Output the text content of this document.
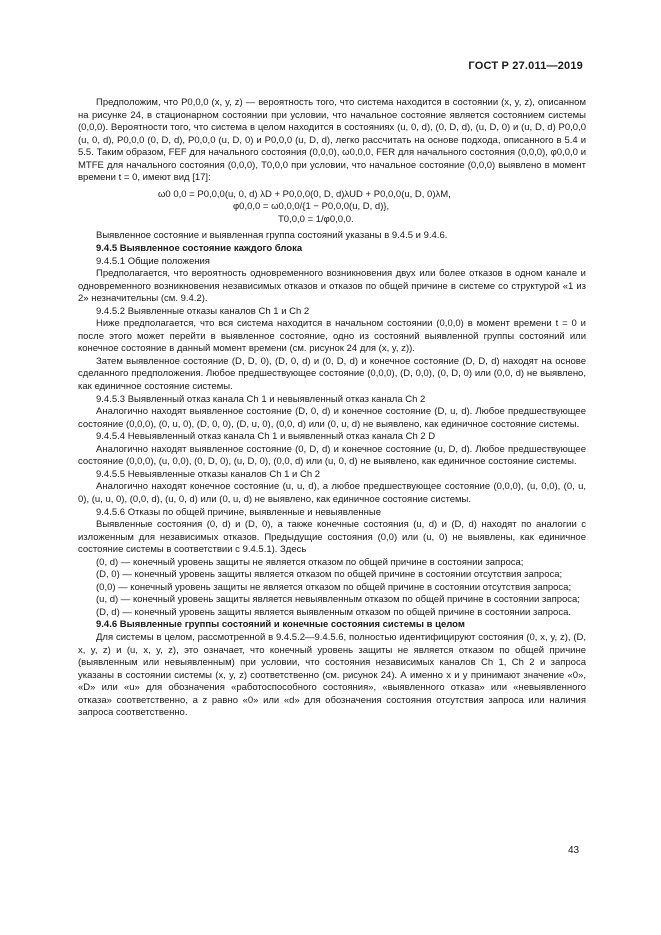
ГОСТ Р 27.011—2019

Предположим, что P0,0,0 (x, y, z) — вероятность того, что система находится в состоянии (x, y, z), описанном на рисунке 24, в стационарном состоянии при условии, что начальное состояние является состоянием системы (0,0,0). Вероятности того, что система в целом находится в состояниях (u, 0, d), (0, D, d), (u, D, 0) и (u, D, d) P0,0,0 (u, 0, d), P0,0,0 (0, D, d), P0,0,0 (u, D, 0) и P0,0,0 (u, D, d), легко рассчитать на основе подхода, описанного в 5.4 и 5.5. Таким образом, FEF для начального состояния (0,0,0), ω0,0,0, FER для начального состояния (0,0,0), φ0,0,0 и MTFE для начального состояния (0,0,0), T0,0,0 при условии, что начальное состояние (0,0,0) выявлено в момент времени t = 0, имеют вид [17]:

ω0 0,0 = P0,0,0(u, 0, d) λD + P0,0,0(0, D, d)λUD + P0,0,0(u, D, 0)λM,

φ0,0,0 = ω0,0,0/{1 − P0,0,0(u, D, d)},

T0,0,0 = 1/φ0,0,0.

Выявленное состояние и выявленная группа состояний указаны в 9.4.5 и 9.4.6.

9.4.5 Выявленное состояние каждого блока

9.4.5.1 Общие положения

Предполагается, что вероятность одновременного возникновения двух или более отказов в одном канале и одновременного возникновения независимых отказов и отказов по общей причине в системе со структурой «1 из 2» незначительны (см. 9.4.2).

9.4.5.2 Выявленные отказы каналов Ch 1 и Ch 2

Ниже предполагается, что вся система находится в начальном состоянии (0,0,0) в момент времени t = 0 и после этого может перейти в выявленное состояние, одно из состояний выявленной группы состояний или конечное состояние в данный момент времени (см. рисунок 24 для (x, y, z)).

Затем выявленное состояние (D, D, 0), (D, 0, d) и (0, D, d) и конечное состояние (D, D, d) находят на основе сделанного предположения. Любое предшествующее состояние (0,0,0), (D, 0,0), (0, D, 0) или (0,0, d) не выявлено, как единичное состояние системы.

9.4.5.3 Выявленный отказ канала Ch 1 и невыявленный отказ канала Ch 2

Аналогично находят выявленное состояние (D, 0, d) и конечное состояние (D, u, d). Любое предшествующее состояние (0,0,0), (0, u, 0), (D, 0, 0), (D, u, 0), (0,0, d) или (0, u, d) не выявлено, как единичное состояние системы.

9.4.5.4 Невыявленный отказ канала Ch 1 и выявленный отказ канала Ch 2 D

Аналогично находят выявленное состояние (0, D, d) и конечное состояние (u, D, d). Любое предшествующее состояние (0,0,0), (u, 0,0), (0, D, 0), (u, D, 0), (0,0, d) или (u, 0, d) не выявлено, как единичное состояние системы.

9.4.5.5 Невыявленные отказы каналов Ch 1 и Ch 2

Аналогично находят конечное состояние (u, u, d), а любое предшествующее состояние (0,0,0), (u, 0,0), (0, u, 0), (u, u, 0), (0,0, d), (u, 0, d) или (0, u, d) не выявлено, как единичное состояние системы.

9.4.5.6 Отказы по общей причине, выявленные и невыявленные

Выявленные состояния (0, d) и (D, 0), а также конечные состояния (u, d) и (D, d) находят по аналогии с изложенным для независимых отказов. Предыдущие состояния (0,0) или (u, 0) не выявлены, как единичное состояние системы в соответствии с 9.4.5.1). Здесь

(0, d) — конечный уровень защиты не является отказом по общей причине в состоянии запроса;

(D, 0) — конечный уровень защиты является отказом по общей причине в состоянии отсутствия запроса;

(0,0) — конечный уровень защиты не является отказом по общей причине в состоянии отсутствия запроса;

(u, d) — конечный уровень защиты является невыявленным отказом по общей причине в состоянии запроса;

(D, d) — конечный уровень защиты является выявленным отказом по общей причине в состоянии запроса.

9.4.6 Выявленные группы состояний и конечные состояния системы в целом

Для системы в целом, рассмотренной в 9.4.5.2—9.4.5.6, полностью идентифицируют состояния (0, x, y, z), (D, x, y, z) и (u, x, y, z), это означает, что конечный уровень защиты не является отказом по общей причине (выявленным или невыявленным) при условии, что состояния независимых каналов Ch 1, Ch 2 и запроса указаны в состоянии системы (x, y, z) соответственно (см. рисунок 24). А именно x и y принимают значение «0», «D» или «u» для обозначения «работоспособного состояния», «выявленного отказа» или «невыявленного отказа» соответственно, а z равно «0» или «d» для обозначения состояния отсутствия запроса или наличия запроса соответственно.

43
